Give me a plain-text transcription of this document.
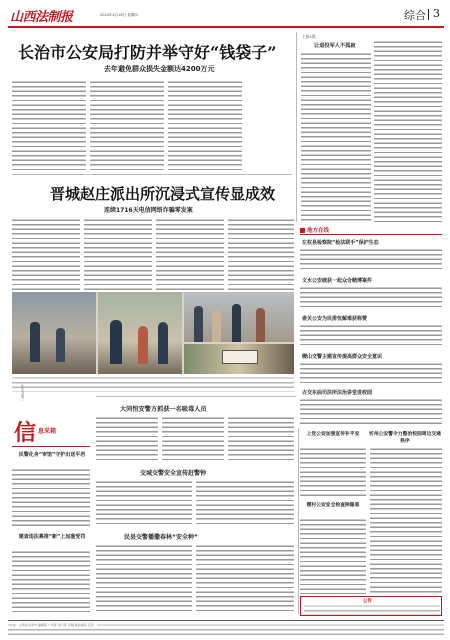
山西法制报	2024年4月18日 星期四	综合 3
长治市公安局打防并举守好“钱袋子”
去年避免群众损失金额达4200万元
上接1版
让退役军人不孤寂
晋城赵庄派出所沉浸式宣传显成效
连续1716天电信网络诈骗零发案
让安全第一
信 息采箱
民警化身“审馆”守护出送平君
建查违法募推“新”上加塞受罚
地方在线
左权县检察院“检法联手”保护生态
文水公安破获一起众合赌博案件
壶关公安为民排忧解难获称赞
稷山交警主题宣传提高群众安全意识
古交东曲司法所法治讲堂进校园
大同恒安警方抓获一名吸毒人员
交城交警安全宣传赶警钟
民县交警播撒春林“安全种”
上党公安加强宣传补平安
稷村公安安全检查除隐患
忻州公安警令力整治校园周边交通秩序
公告
社址：山西省太原市 编辑部 广告部 发行部 印刷 邮政编码 定价
